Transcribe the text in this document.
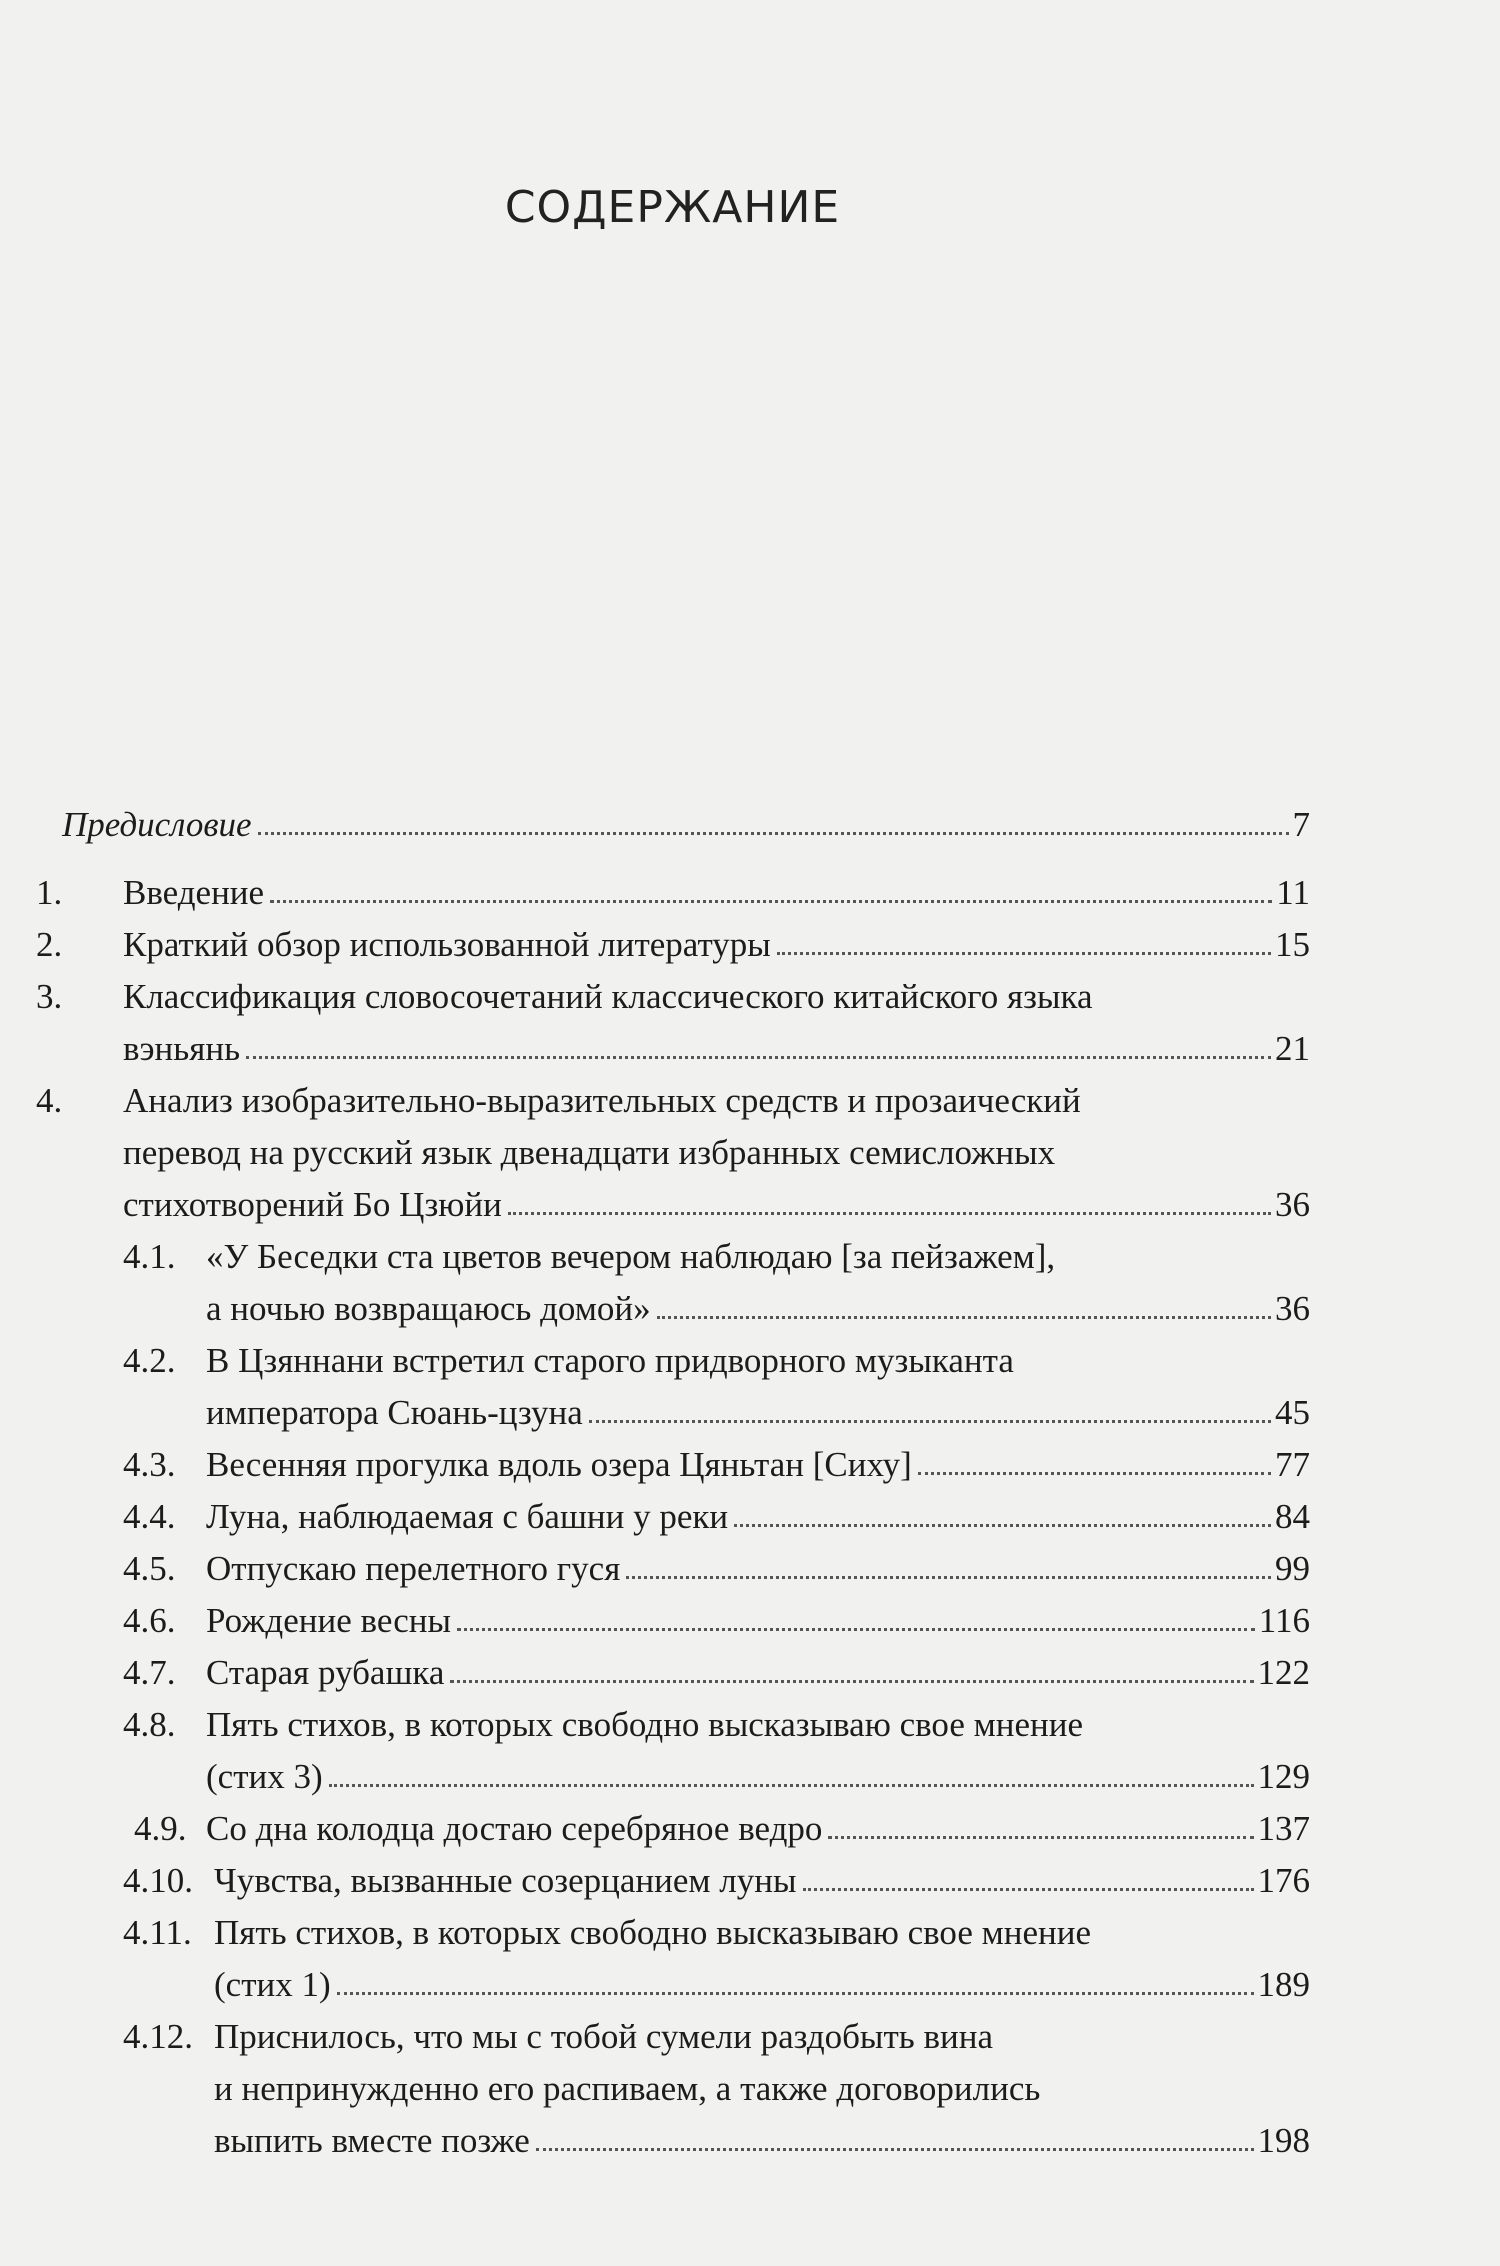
СОДЕРЖАНИЕ
Предисловие	7
1. Введение	11
2. Краткий обзор использованной литературы	15
3. Классификация словосочетаний классического китайского языка
вэньянь	21
4. Анализ изобразительно-выразительных средств и прозаический
перевод на русский язык двенадцати избранных семисложных
стихотворений Бо Цзюйи	36
4.1. «У Беседки ста цветов вечером наблюдаю [за пейзажем],
а ночью возвращаюсь домой»	36
4.2. В Цзяннани встретил старого придворного музыканта
императора Сюань-цзуна	45
4.3. Весенняя прогулка вдоль озера Цяньтан [Сиху]	77
4.4. Луна, наблюдаемая с башни у реки	84
4.5. Отпускаю перелетного гуся	99
4.6. Рождение весны	116
4.7. Старая рубашка	122
4.8. Пять стихов, в которых свободно высказываю свое мнение
(стих 3)	129
4.9. Со дна колодца достаю серебряное ведро	137
4.10. Чувства, вызванные созерцанием луны	176
4.11. Пять стихов, в которых свободно высказываю свое мнение
(стих 1)	189
4.12. Приснилось, что мы с тобой сумели раздобыть вина
и непринужденно его распиваем, а также договорились
выпить вместе позже	198
